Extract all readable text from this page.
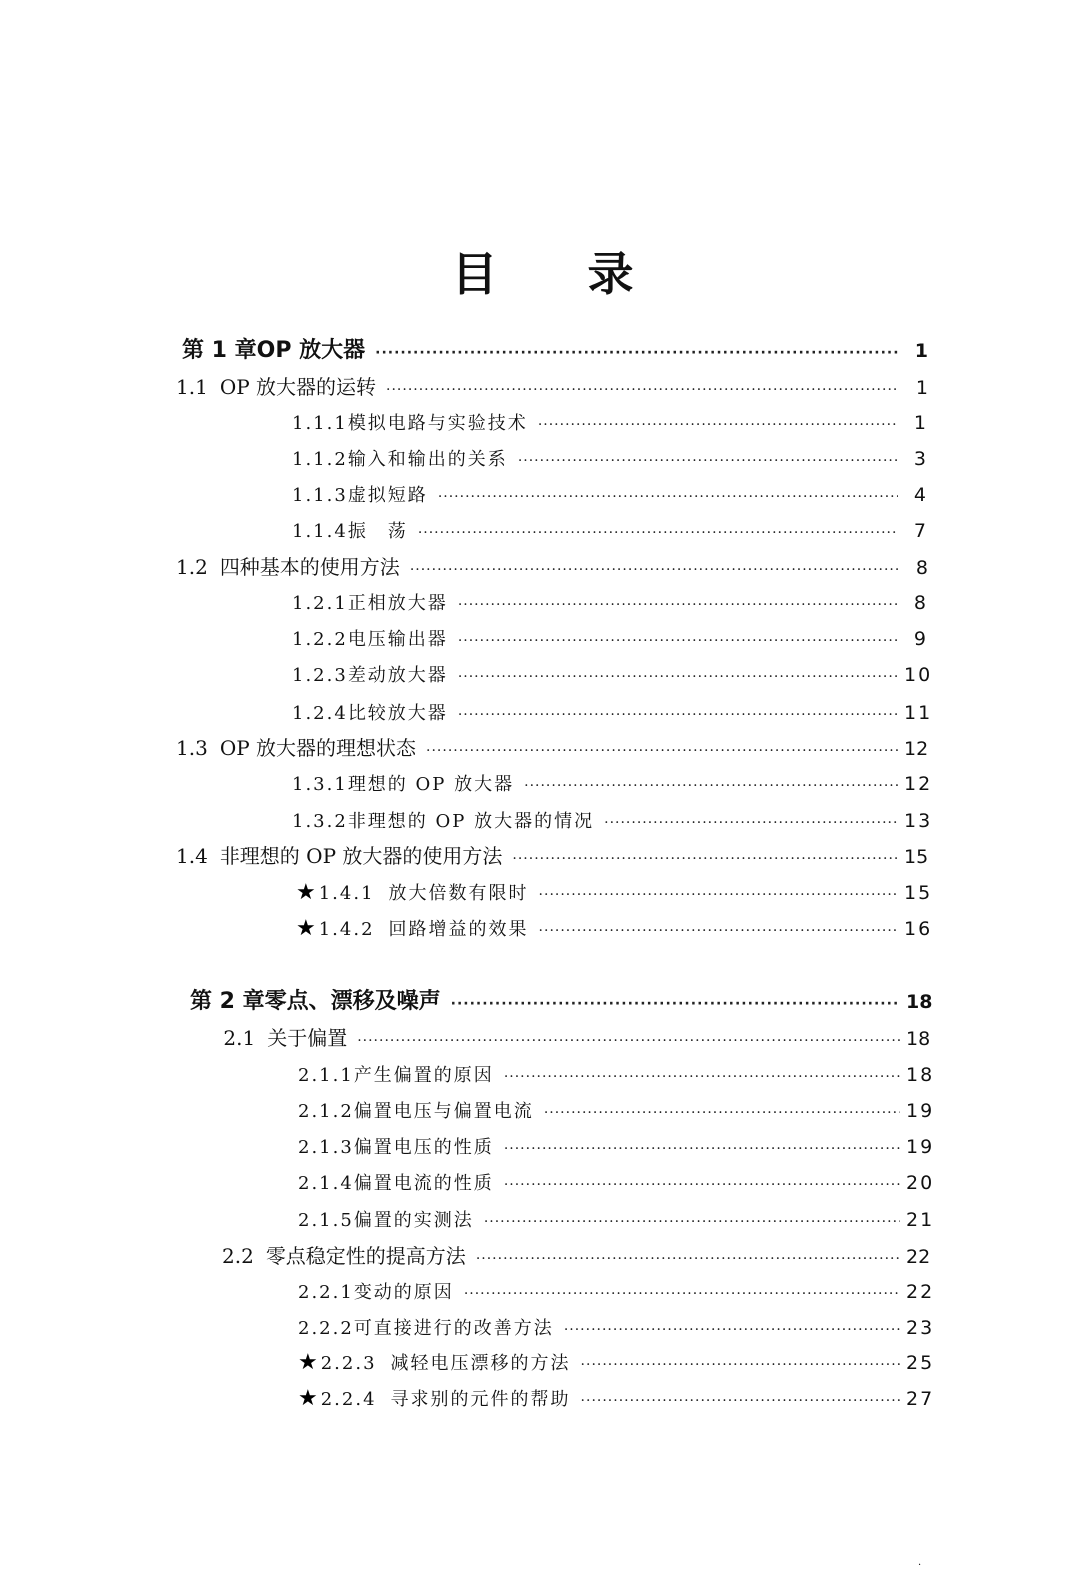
目 录
第 1 章 OP 放大器 ·····	1
1.1 OP 放大器的运转 ·····	1
1.1.1 模拟电路与实验技术 ·····	1
1.1.2 输入和输出的关系 ·····	3
1.1.3 虚拟短路 ·····	4
1.1.4 振　荡 ·····	7
1.2 四种基本的使用方法 ·····	8
1.2.1 正相放大器 ·····	8
1.2.2 电压输出器 ·····	9
1.2.3 差动放大器 ·····	10
1.2.4 比较放大器 ·····	11
1.3 OP 放大器的理想状态 ·····	12
1.3.1 理想的 OP 放大器 ·····	12
1.3.2 非理想的 OP 放大器的情况 ·····	13
1.4 非理想的 OP 放大器的使用方法 ·····	15
★1.4.1 放大倍数有限时 ·····	15
★1.4.2 回路增益的效果 ·····	16
第 2 章 零点、漂移及噪声 ·····	18
2.1 关于偏置 ·····	18
2.1.1 产生偏置的原因 ·····	18
2.1.2 偏置电压与偏置电流 ·····	19
2.1.3 偏置电压的性质 ·····	19
2.1.4 偏置电流的性质 ·····	20
2.1.5 偏置的实测法 ·····	21
2.2 零点稳定性的提高方法 ·····	22
2.2.1 变动的原因 ·····	22
2.2.2 可直接进行的改善方法 ·····	23
★2.2.3 减轻电压漂移的方法 ·····	25
★2.2.4 寻求别的元件的帮助 ·····	27
·
